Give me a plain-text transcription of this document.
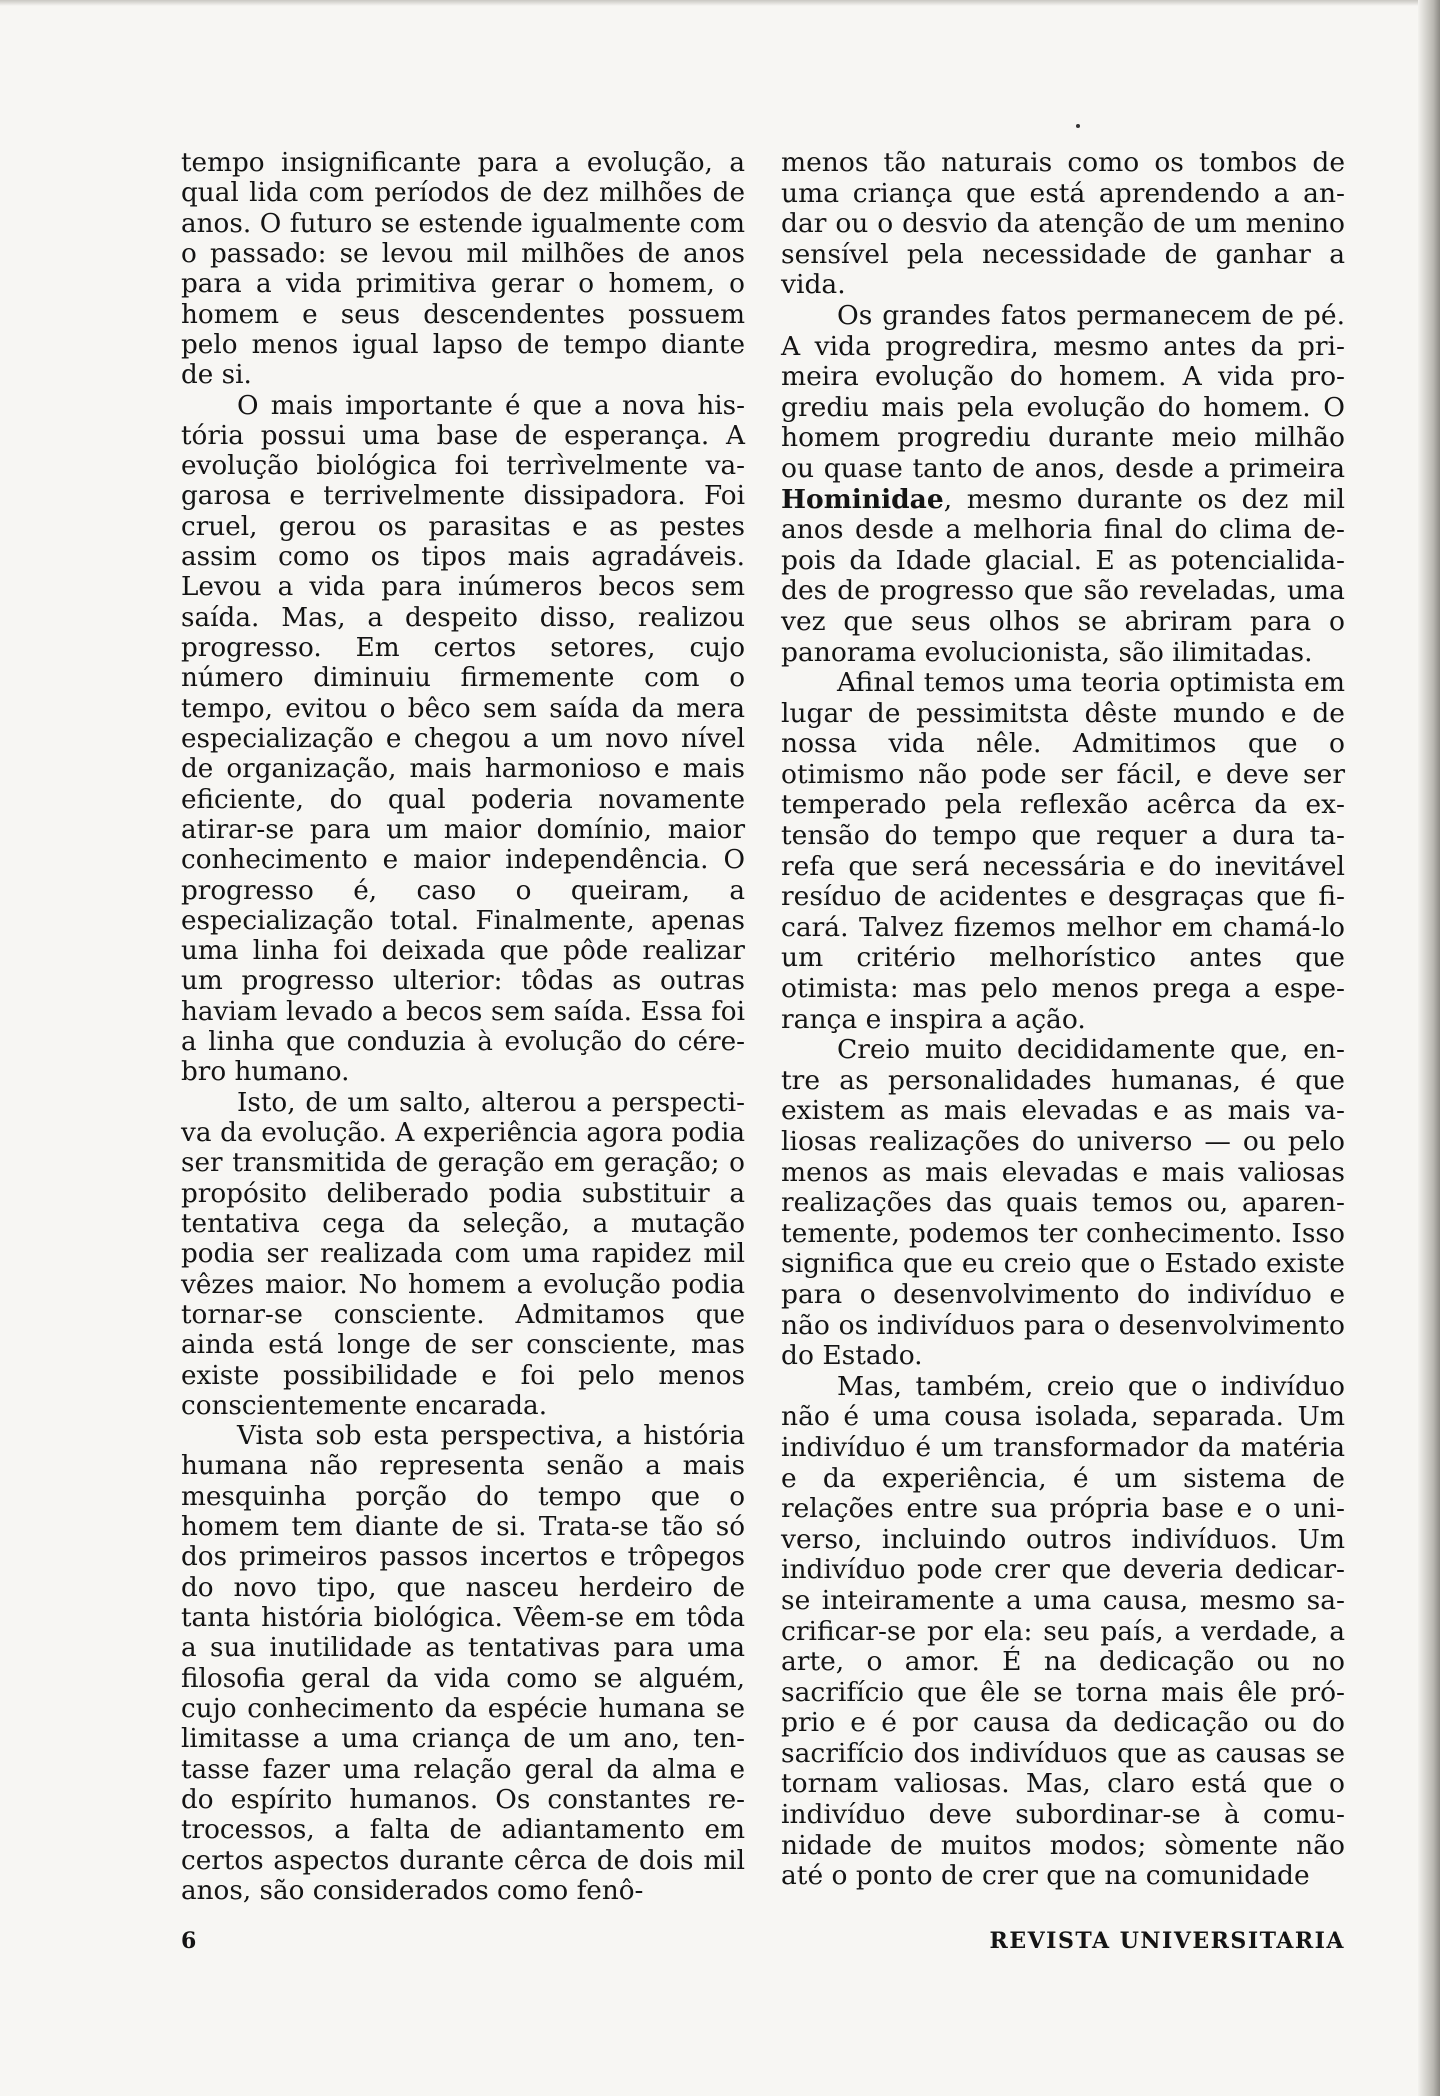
tempo insignificante para a evolução, a qual lida com períodos de dez milhões de anos. O futuro se estende igualmente com o passado: se levou mil milhões de anos para a vida primitiva gerar o homem, o homem e seus descendentes possuem pelo menos igual lapso de tempo diante de si.

O mais importante é que a nova história possui uma base de esperança. A evolução biológica foi terrìvelmente vagarosa e terrivelmente dissipadora. Foi cruel, gerou os parasitas e as pestes assim como os tipos mais agradáveis. Levou a vida para inúmeros becos sem saída. Mas, a despeito disso, realizou progresso. Em certos setores, cujo número diminuiu firmemente com o tempo, evitou o bêco sem saída da mera especialização e chegou a um novo nível de organização, mais harmonioso e mais eficiente, do qual poderia novamente atirar-se para um maior domínio, maior conhecimento e maior independência. O progresso é, caso o queiram, a especialização total. Finalmente, apenas uma linha foi deixada que pôde realizar um progresso ulterior: tôdas as outras haviam levado a becos sem saída. Essa foi a linha que conduzia à evolução do cérebro humano.

Isto, de um salto, alterou a perspectiva da evolução. A experiência agora podia ser transmitida de geração em geração; o propósito deliberado podia substituir a tentativa cega da seleção, a mutação podia ser realizada com uma rapidez mil vêzes maior. No homem a evolução podia tornar-se consciente. Admitamos que ainda está longe de ser consciente, mas existe possibilidade e foi pelo menos conscientemente encarada.

Vista sob esta perspectiva, a história humana não representa senão a mais mesquinha porção do tempo que o homem tem diante de si. Trata-se tão só dos primeiros passos incertos e trôpegos do novo tipo, que nasceu herdeiro de tanta história biológica. Vêem-se em tôda a sua inutilidade as tentativas para uma filosofia geral da vida como se alguém, cujo conhecimento da espécie humana se limitasse a uma criança de um ano, tentasse fazer uma relação geral da alma e do espírito humanos. Os constantes retrocessos, a falta de adiantamento em certos aspectos durante cêrca de dois mil anos, são considerados como fenô-

menos tão naturais como os tombos de uma criança que está aprendendo a andar ou o desvio da atenção de um menino sensível pela necessidade de ganhar a vida.

Os grandes fatos permanecem de pé. A vida progredira, mesmo antes da primeira evolução do homem. A vida progrediu mais pela evolução do homem. O homem progrediu durante meio milhão ou quase tanto de anos, desde a primeira Hominidae, mesmo durante os dez mil anos desde a melhoria final do clima depois da Idade glacial. E as potencialidades de progresso que são reveladas, uma vez que seus olhos se abriram para o panorama evolucionista, são ilimitadas.

Afinal temos uma teoria optimista em lugar de pessimitsta dêste mundo e de nossa vida nêle. Admitimos que o otimismo não pode ser fácil, e deve ser temperado pela reflexão acêrca da extensão do tempo que requer a dura tarefa que será necessária e do inevitável resíduo de acidentes e desgraças que ficará. Talvez fizemos melhor em chamá-lo um critério melhorístico antes que otimista: mas pelo menos prega a esperança e inspira a ação.

Creio muito decididamente que, entre as personalidades humanas, é que existem as mais elevadas e as mais valiosas realizações do universo — ou pelo menos as mais elevadas e mais valiosas realizações das quais temos ou, aparentemente, podemos ter conhecimento. Isso significa que eu creio que o Estado existe para o desenvolvimento do indivíduo e não os indivíduos para o desenvolvimento do Estado.

Mas, também, creio que o indivíduo não é uma cousa isolada, separada. Um indivíduo é um transformador da matéria e da experiência, é um sistema de relações entre sua própria base e o universo, incluindo outros indivíduos. Um indivíduo pode crer que deveria dedicar-se inteiramente a uma causa, mesmo sacrificar-se por ela: seu país, a verdade, a arte, o amor. É na dedicação ou no sacrifício que êle se torna mais êle próprio e é por causa da dedicação ou do sacrifício dos indivíduos que as causas se tornam valiosas. Mas, claro está que o indivíduo deve subordinar-se à comunidade de muitos modos; sòmente não até o ponto de crer que na comunidade

6	REVISTA UNIVERSITARIA
